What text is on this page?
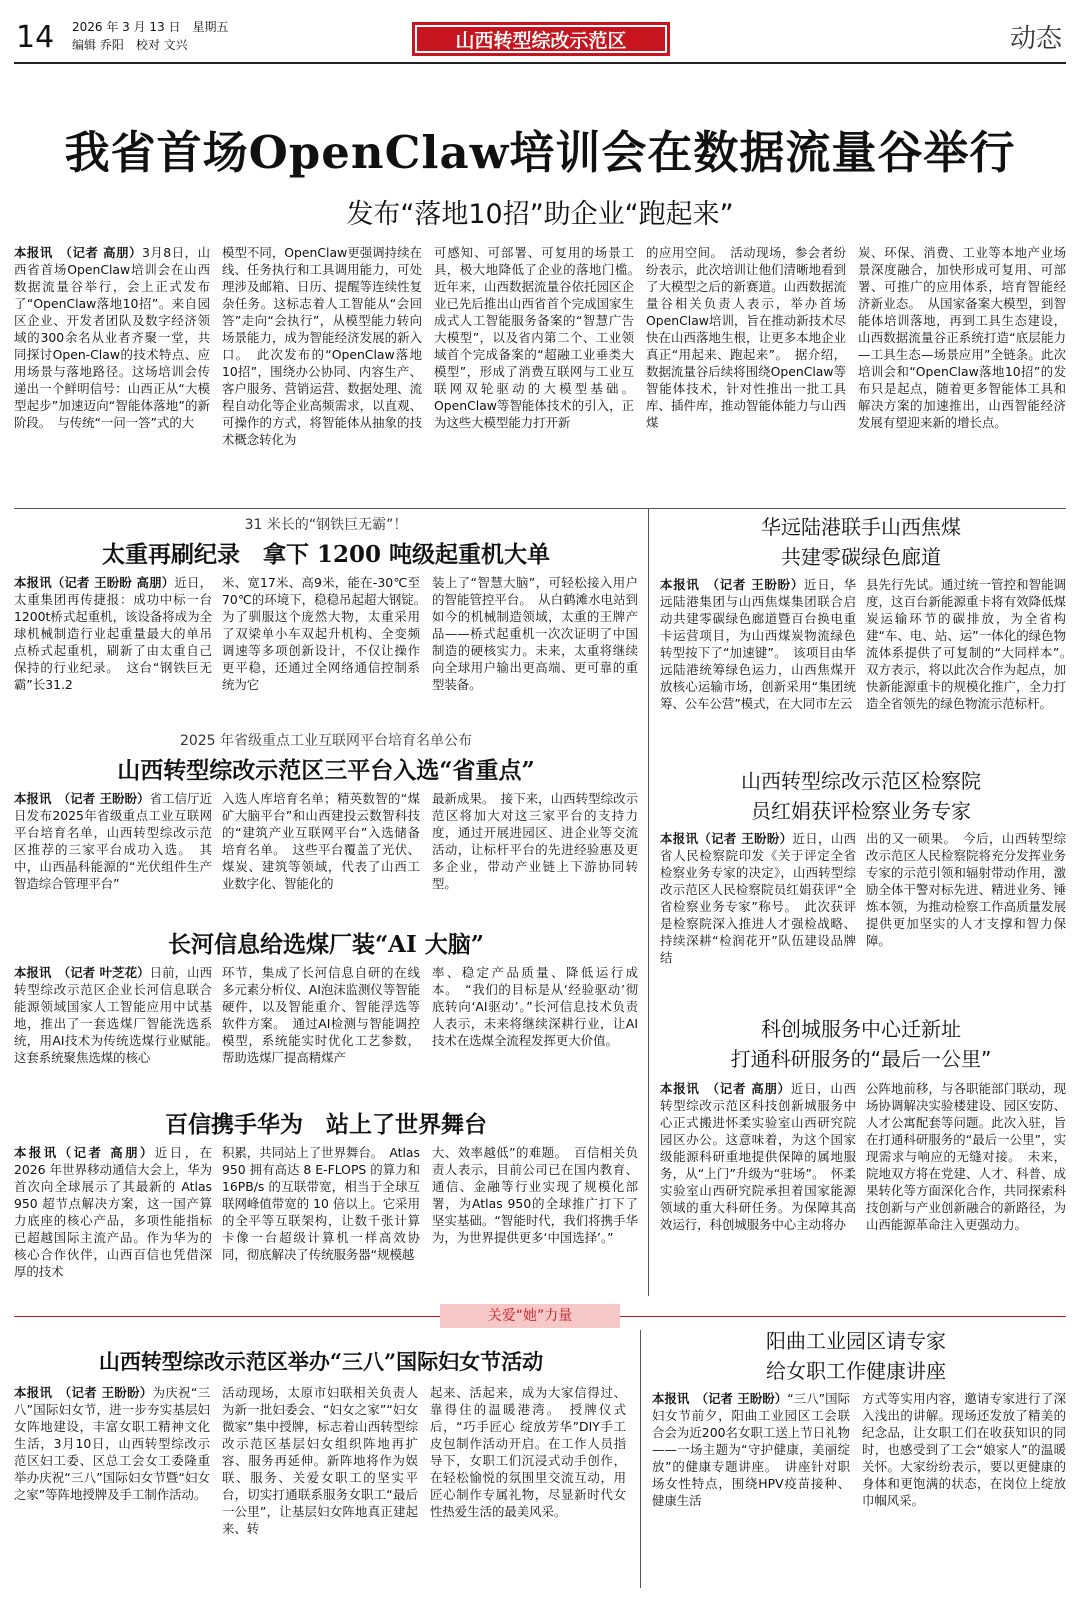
14 2026 年 3 月 13 日　星期五
编辑 乔阳　校对 文兴	山西转型综改示范区	动态
我省首场OpenClaw培训会在数据流量谷举行
发布“落地10招”助企业“跑起来”
本报讯　（记者 高朋）3月8日，山西省首场OpenClaw培训会在山西数据流量谷举行，会上正式发布了“OpenClaw落地10招”。来自园区企业、开发者团队及数字经济领域的300余名从业者齐聚一堂，共同探讨Open-Claw的技术特点、应用场景与落地路径。这场培训会传递出一个鲜明信号：山西正从“大模型起步”加速迈向“智能体落地”的新阶段。　与传统“一问一答”式的大
模型不同，OpenClaw更强调持续在线、任务执行和工具调用能力，可处理涉及邮箱、日历、提醒等连续性复杂任务。这标志着人工智能从“会回答”走向“会执行”，从模型能力转向场景能力，成为智能经济发展的新入口。　此次发布的“OpenClaw落地10招”，围绕办公协同、内容生产、客户服务、营销运营、数据处理、流程自动化等企业高频需求，以直观、可操作的方式，将智能体从抽象的技术概念转化为
可感知、可部署、可复用的场景工具，极大地降低了企业的落地门槛。　近年来，山西数据流量谷依托园区企业已先后推出山西省首个完成国家生成式人工智能服务备案的“智慧广告大模型”，以及省内第二个、工业领域首个完成备案的“超融工业垂类大模型”，形成了消费互联网与工业互联网双轮驱动的大模型基础。OpenClaw等智能体技术的引入，正为这些大模型能力打开新
的应用空间。　活动现场，参会者纷纷表示，此次培训让他们清晰地看到了大模型之后的新赛道。山西数据流量谷相关负责人表示，举办首场OpenClaw培训，旨在推动新技术尽快在山西落地生根，让更多本地企业真正“用起来、跑起来”。　据介绍，数据流量谷后续将围绕OpenClaw等智能体技术，针对性推出一批工具库、插件库，推动智能体能力与山西煤
炭、环保、消费、工业等本地产业场景深度融合，加快形成可复用、可部署、可推广的应用体系，培育智能经济新业态。　从国家备案大模型，到智能体培训落地，再到工具生态建设，山西数据流量谷正系统打造“底层能力—工具生态—场景应用”全链条。此次培训会和“OpenClaw落地10招”的发布只是起点，随着更多智能体工具和解决方案的加速推出，山西智能经济发展有望迎来新的增长点。
31 米长的“钢铁巨无霸”！
太重再刷纪录　拿下 1200 吨级起重机大单
本报讯（记者 王盼盼 高朋）近日，太重集团再传捷报：成功中标一台1200t桥式起重机，该设备将成为全球机械制造行业起重量最大的单吊点桥式起重机，刷新了由太重自己保持的行业纪录。　这台“钢铁巨无霸”长31.2
米、宽17米、高9米，能在-30℃至70℃的环境下，稳稳吊起超大钢锭。　为了驯服这个庞然大物，太重采用了双梁单小车双起升机构、全变频调速等多项创新设计，不仅让操作更平稳，还通过全网络通信控制系统为它
装上了“智慧大脑”，可轻松接入用户的智能管控平台。　从白鹤滩水电站到如今的机械制造领域，太重的王牌产品——桥式起重机一次次证明了中国制造的硬核实力。未来，太重将继续向全球用户输出更高端、更可靠的重型装备。
2025 年省级重点工业互联网平台培育名单公布
山西转型综改示范区三平台入选“省重点”
本报讯　（记者 王盼盼）省工信厅近日发布2025年省级重点工业互联网平台培育名单，山西转型综改示范区推荐的三家平台成功入选。　其中，山西晶科能源的“光伏组件生产智造综合管理平台”
入选人库培育名单；精英数智的“煤矿大脑平台”和山西建投云数智科技的“建筑产业互联网平台”入选储备培育名单。　这些平台覆盖了光伏、煤炭、建筑等领域，代表了山西工业数字化、智能化的
最新成果。　接下来，山西转型综改示范区将加大对这三家平台的支持力度，通过开展进园区、进企业等交流活动，让标杆平台的先进经验惠及更多企业，带动产业链上下游协同转型。
长河信息给选煤厂装“AI 大脑”
本报讯　（记者 叶芝花）日前，山西转型综改示范区企业长河信息联合能源领域国家人工智能应用中试基地，推出了一套选煤厂智能洗选系统，用AI技术为传统选煤行业赋能。　这套系统聚焦选煤的核心
环节，集成了长河信息自研的在线多元素分析仪、AI泡沫监测仪等智能硬件，以及智能重介、智能浮选等软件方案。　通过AI检测与智能调控模型，系统能实时优化工艺参数，帮助选煤厂提高精煤产
率、稳定产品质量、降低运行成本。　“我们的目标是从‘经验驱动’彻底转向‘AI驱动’。”长河信息技术负责人表示，未来将继续深耕行业，让AI技术在选煤全流程发挥更大价值。
百信携手华为　站上了世界舞台
本报讯（记者 高朋）近日，在 2026 年世界移动通信大会上，华为首次向全球展示了其最新的 Atlas 950 超节点解决方案，这一国产算力底座的核心产品，多项性能指标已超越国际主流产品。作为华为的核心合作伙伴，山西百信也凭借深厚的技术
积累，共同站上了世界舞台。　Atlas 950 拥有高达 8 E-FLOPS 的算力和 16PB/s 的互联带宽，相当于全球互联网峰值带宽的 10 倍以上。它采用的全平等互联架构，让数千张计算卡像一台超级计算机一样高效协同，彻底解决了传统服务器“规模越
大、效率越低”的难题。　百信相关负责人表示，目前公司已在国内教育、通信、金融等行业实现了规模化部署，为Atlas 950的全球推广打下了坚实基础。“智能时代，我们将携手华为，为世界提供更多‘中国选择’。”
华远陆港联手山西焦煤
共建零碳绿色廊道
本报讯　（记者 王盼盼）近日，华远陆港集团与山西焦煤集团联合启动共建零碳绿色廊道暨百台换电重卡运营项目，为山西煤炭物流绿色转型按下了“加速键”。　该项目由华远陆港统筹绿色运力，山西焦煤开放核心运输市场，创新采用“集团统筹、公车公营”模式，在大同市左云
县先行先试。通过统一管控和智能调度，这百台新能源重卡将有效降低煤炭运输环节的碳排放，为全省构建“车、电、站、运”一体化的绿色物流体系提供了可复制的“大同样本”。　双方表示，将以此次合作为起点，加快新能源重卡的规模化推广，全力打造全省领先的绿色物流示范标杆。
山西转型综改示范区检察院
员红娟获评检察业务专家
本报讯（记者 王盼盼）近日，山西省人民检察院印发《关于评定全省检察业务专家的决定》，山西转型综改示范区人民检察院员红娟获评“全省检察业务专家”称号。　此次获评是检察院深入推进人才强检战略、持续深耕“检润花开”队伍建设品牌结
出的又一硕果。　今后，山西转型综改示范区人民检察院将充分发挥业务专家的示范引领和辐射带动作用，激励全体干警对标先进、精进业务、锤炼本领，为推动检察工作高质量发展提供更加坚实的人才支撑和智力保障。
科创城服务中心迁新址
打通科研服务的“最后一公里”
本报讯　（记者 高朋）近日，山西转型综改示范区科技创新城服务中心正式搬进怀柔实验室山西研究院园区办公。这意味着，为这个国家级能源科研重地提供保障的属地服务，从“上门”升级为“驻场”。　怀柔实验室山西研究院承担着国家能源领域的重大科研任务。为保障其高效运行，科创城服务中心主动将办
公阵地前移，与各职能部门联动，现场协调解决实验楼建设、园区安防、人才公寓配套等问题。此次入驻，旨在打通科研服务的“最后一公里”，实现需求与响应的无缝对接。　未来，院地双方将在党建、人才、科普、成果转化等方面深化合作，共同探索科技创新与产业创新融合的新路径，为山西能源革命注入更强动力。
关爱“她”力量
山西转型综改示范区举办“三八”国际妇女节活动
本报讯　（记者 王盼盼）为庆祝“三八”国际妇女节，进一步夯实基层妇女阵地建设，丰富女职工精神文化生活，3月10日，山西转型综改示范区妇工委、区总工会女工委隆重举办庆祝“三八”国际妇女节暨“妇女之家”等阵地授牌及手工制作活动。
活动现场，太原市妇联相关负责人为新一批妇委会、“妇女之家”“妇女微家”集中授牌，标志着山西转型综改示范区基层妇女组织阵地再扩容、服务再延伸。新阵地将作为娱联、服务、关爱女职工的坚实平台，切实打通联系服务女职工“最后一公里”，让基层妇女阵地真正建起来、转
起来、活起来，成为大家信得过、靠得住的温暖港湾。　授牌仪式后，“巧手匠心 绽放芳华”DIY手工皮包制作活动开启。在工作人员指导下，女职工们沉浸式动手创作，在轻松愉悦的氛围里交流互动，用匠心制作专属礼物，尽显新时代女性热爱生活的最美风采。
阳曲工业园区请专家
给女职工作健康讲座
本报讯　（记者 王盼盼）“三八”国际妇女节前夕，阳曲工业园区工会联合会为近200名女职工送上节日礼物——一场主题为“守护健康，美丽绽放”的健康专题讲座。　讲座针对职场女性特点，围绕HPV疫苗接种、健康生活
方式等实用内容，邀请专家进行了深入浅出的讲解。现场还发放了精美的纪念品，让女职工们在收获知识的同时，也感受到了工会“娘家人”的温暖关怀。大家纷纷表示，要以更健康的身体和更饱满的状态，在岗位上绽放巾帼风采。
